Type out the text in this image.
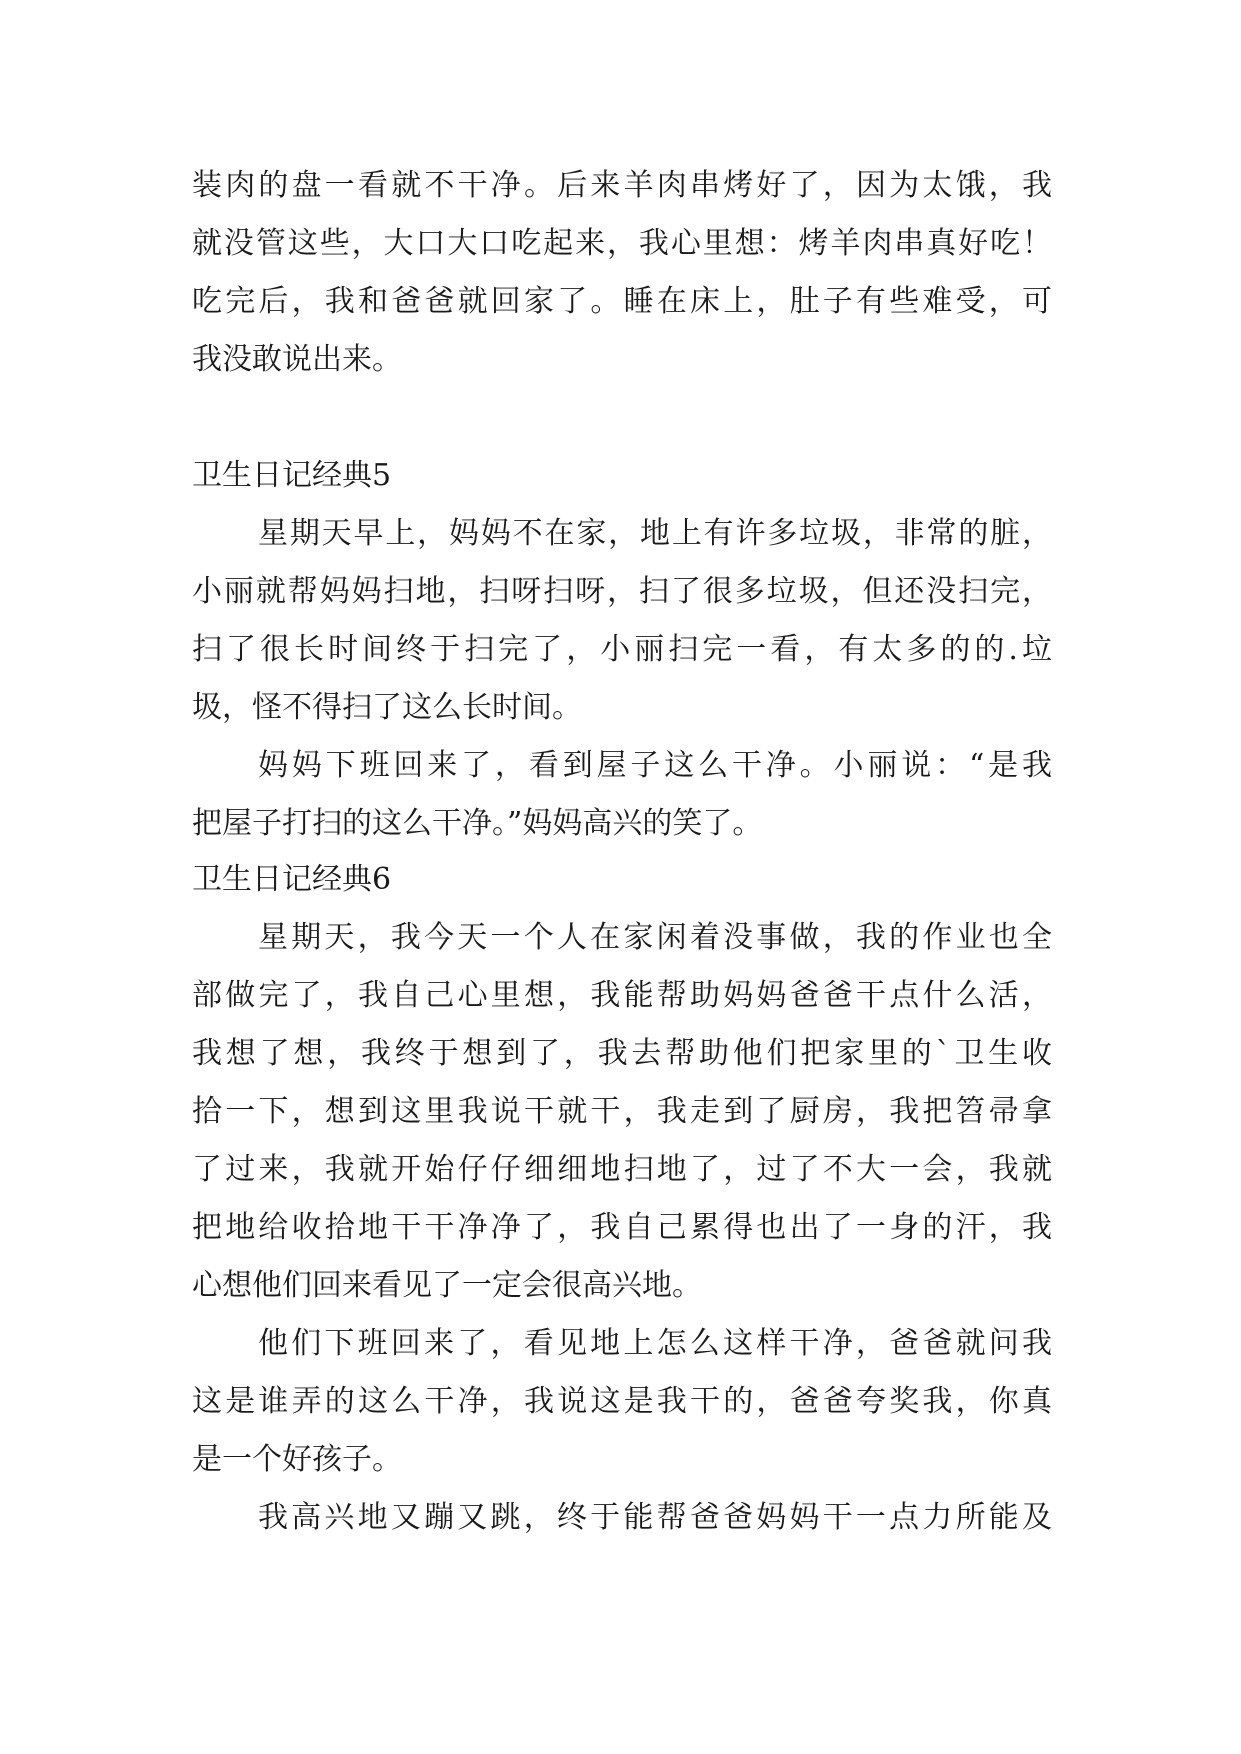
装肉的盘一看就不干净。后来羊肉串烤好了，因为太饿，我
就没管这些，大口大口吃起来，我心里想：烤羊肉串真好吃！
吃完后，我和爸爸就回家了。睡在床上，肚子有些难受，可
我没敢说出来。
卫生日记经典5
星期天早上，妈妈不在家，地上有许多垃圾，非常的脏，
小丽就帮妈妈扫地，扫呀扫呀，扫了很多垃圾，但还没扫完，
扫了很长时间终于扫完了，小丽扫完一看，有太多的的.垃
圾，怪不得扫了这么长时间。
妈妈下班回来了，看到屋子这么干净。小丽说：“是我
把屋子打扫的这么干净。”妈妈高兴的笑了。
卫生日记经典6
星期天，我今天一个人在家闲着没事做，我的作业也全
部做完了，我自己心里想，我能帮助妈妈爸爸干点什么活，
我想了想，我终于想到了，我去帮助他们把家里的`卫生收
拾一下，想到这里我说干就干，我走到了厨房，我把笤帚拿
了过来，我就开始仔仔细细地扫地了，过了不大一会，我就
把地给收拾地干干净净了，我自己累得也出了一身的汗，我
心想他们回来看见了一定会很高兴地。
他们下班回来了，看见地上怎么这样干净，爸爸就问我
这是谁弄的这么干净，我说这是我干的，爸爸夸奖我，你真
是一个好孩子。
我高兴地又蹦又跳，终于能帮爸爸妈妈干一点力所能及
